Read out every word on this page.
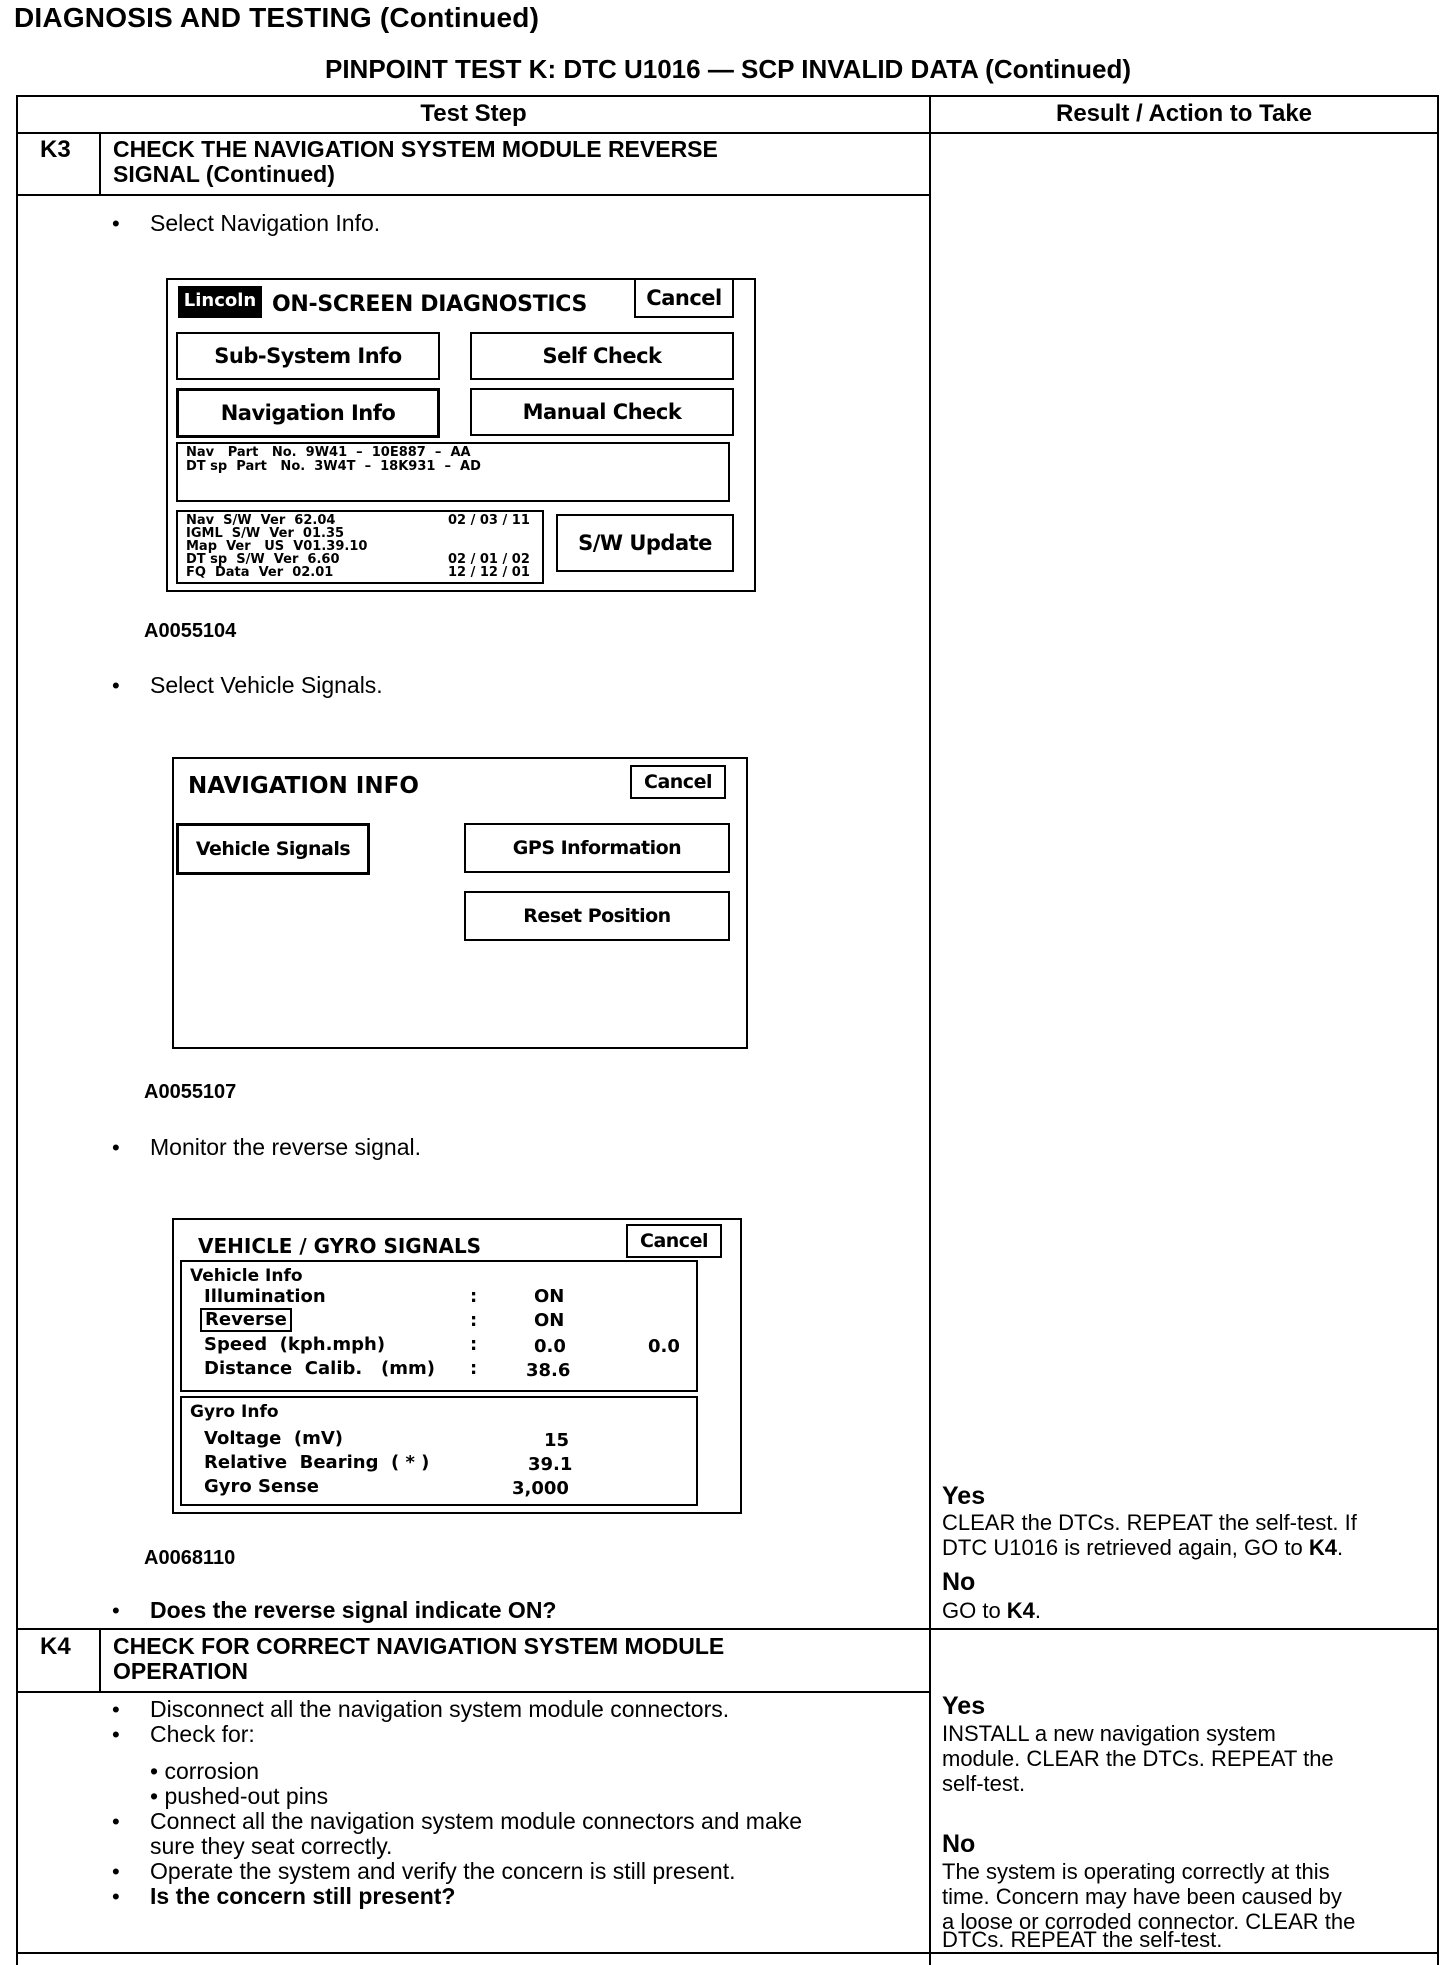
DIAGNOSIS AND TESTING (Continued)
PINPOINT TEST K: DTC U1016 — SCP INVALID DATA (Continued)
Test Step	Result / Action to Take
K3 CHECK THE NAVIGATION SYSTEM MODULE REVERSE
SIGNAL (Continued)
• Select Navigation Info.
Lincoln ON-SCREEN DIAGNOSTICS	Cancel
Sub-System Info	Self Check
Navigation Info	Manual Check
Nav   Part   No.  9W41  –  10E887  –  AA
DT sp  Part   No.  3W4T  –  18K931  –  AD
Nav  S/W  Ver  62.04	02 / 03 / 11
IGML  S/W  Ver  01.35
Map  Ver   US  V01.39.10
DT sp  S/W  Ver  6.60	02 / 01 / 02
FQ  Data  Ver  02.01	12 / 12 / 01
S/W Update
A0055104
• Select Vehicle Signals.
NAVIGATION INFO	Cancel
Vehicle Signals	GPS Information
Reset Position
A0055107
• Monitor the reverse signal.
VEHICLE / GYRO SIGNALS	Cancel
Vehicle Info
Illumination	:	ON
Reverse	:	ON
Speed  (kph.mph)	:	0.0	0.0
Distance  Calib.   (mm) :	38.6
Gyro Info
Voltage  (mV)	15
Relative  Bearing  ( * )	39.1
Gyro Sense	3,000
A0068110
• Does the reverse signal indicate ON?
Yes
CLEAR the DTCs. REPEAT the self-test. If
DTC U1016 is retrieved again, GO to K4.
No
GO to K4.
K4 CHECK FOR CORRECT NAVIGATION SYSTEM MODULE
OPERATION
• Disconnect all the navigation system module connectors.
• Check for:
• corrosion
• pushed-out pins
• Connect all the navigation system module connectors and make
sure they seat correctly.
• Operate the system and verify the concern is still present.
• Is the concern still present?
Yes
INSTALL a new navigation system
module. CLEAR the DTCs. REPEAT the
self-test.
No
The system is operating correctly at this
time. Concern may have been caused by
a loose or corroded connector. CLEAR the
DTCs. REPEAT the self-test.
